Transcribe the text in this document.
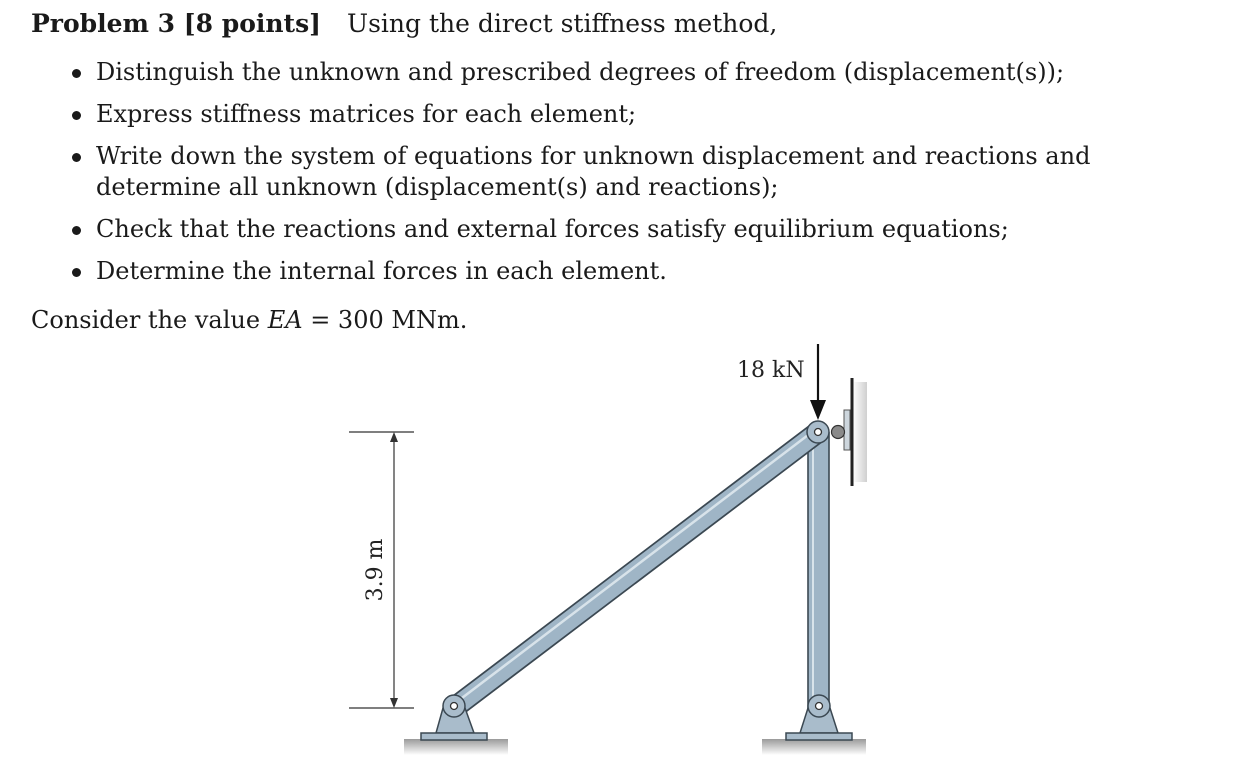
Problem 3 [8 points] Using the direct stiffness method,
Distinguish the unknown and prescribed degrees of freedom (displacement(s));
Express stiffness matrices for each element;
Write down the system of equations for unknown displacement and reactions and determine all unknown (displacement(s) and reactions);
Check that the reactions and external forces satisfy equilibrium equations;
Determine the internal forces in each element.
Consider the value EA = 300 MNm.
3.9 m
18 kN
